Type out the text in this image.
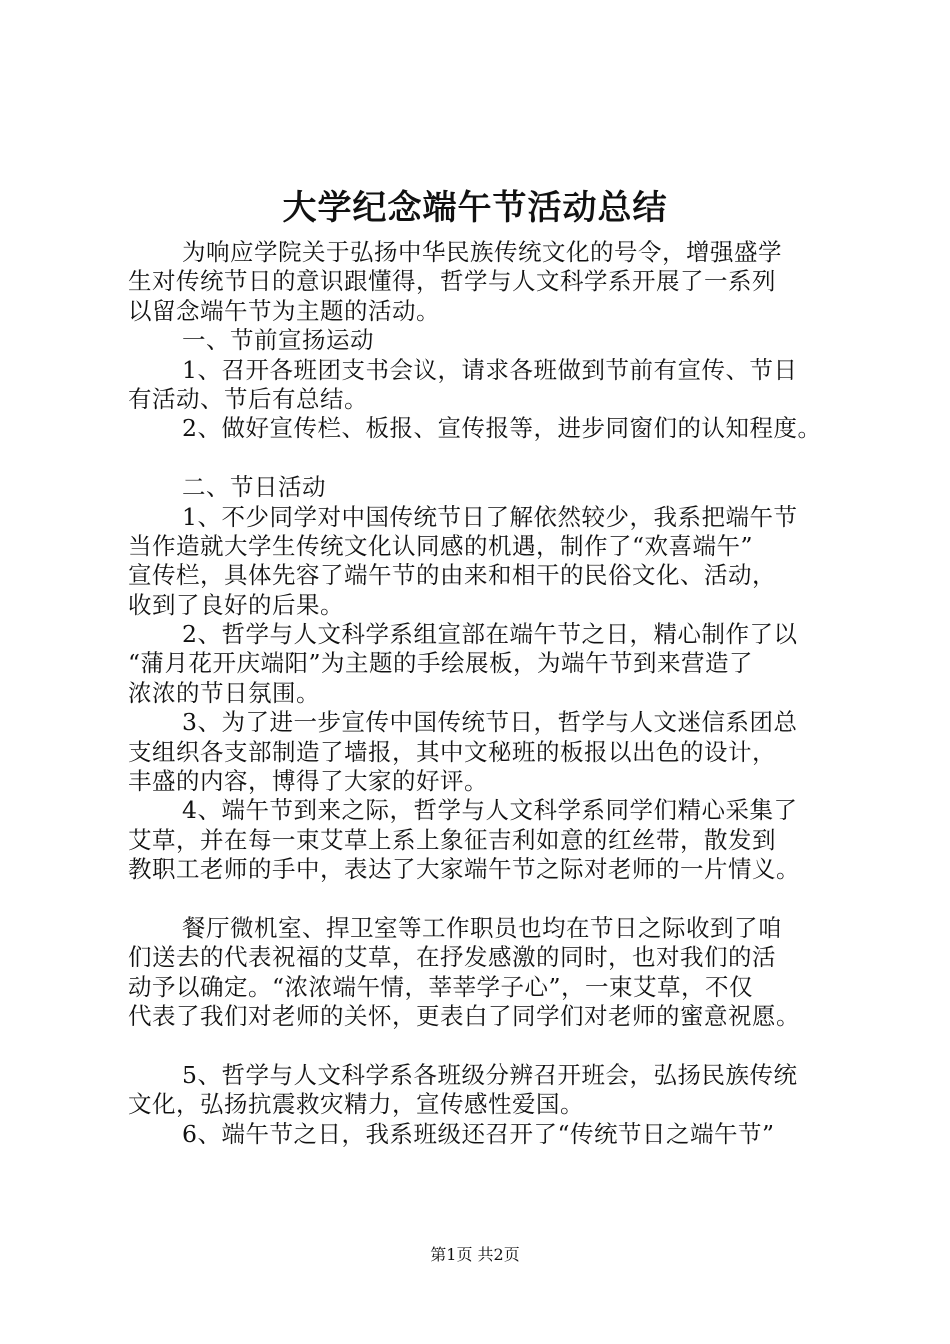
大学纪念端午节活动总结
为响应学院关于弘扬中华民族传统文化的号令，增强盛学
生对传统节日的意识跟懂得，哲学与人文科学系开展了一系列
以留念端午节为主题的活动。
一、节前宣扬运动
1、召开各班团支书会议，请求各班做到节前有宣传、节日
有活动、节后有总结。
2、做好宣传栏、板报、宣传报等，进步同窗们的认知程度。
二、节日活动
1、不少同学对中国传统节日了解依然较少，我系把端午节
当作造就大学生传统文化认同感的机遇，制作了“欢喜端午”
宣传栏，具体先容了端午节的由来和相干的民俗文化、活动，
收到了良好的后果。
2、哲学与人文科学系组宣部在端午节之日，精心制作了以
“蒲月花开庆端阳”为主题的手绘展板，为端午节到来营造了
浓浓的节日氛围。
3、为了进一步宣传中国传统节日，哲学与人文迷信系团总
支组织各支部制造了墙报，其中文秘班的板报以出色的设计，
丰盛的内容，博得了大家的好评。
4、端午节到来之际，哲学与人文科学系同学们精心采集了
艾草，并在每一束艾草上系上象征吉利如意的红丝带，散发到
教职工老师的手中，表达了大家端午节之际对老师的一片情义。
餐厅微机室、捍卫室等工作职员也均在节日之际收到了咱
们送去的代表祝福的艾草，在抒发感激的同时，也对我们的活
动予以确定。“浓浓端午情，莘莘学子心”，一束艾草，不仅
代表了我们对老师的关怀，更表白了同学们对老师的蜜意祝愿。
5、哲学与人文科学系各班级分辨召开班会，弘扬民族传统
文化，弘扬抗震救灾精力，宣传感性爱国。
6、端午节之日，我系班级还召开了“传统节日之端午节”
第1页 共2页
